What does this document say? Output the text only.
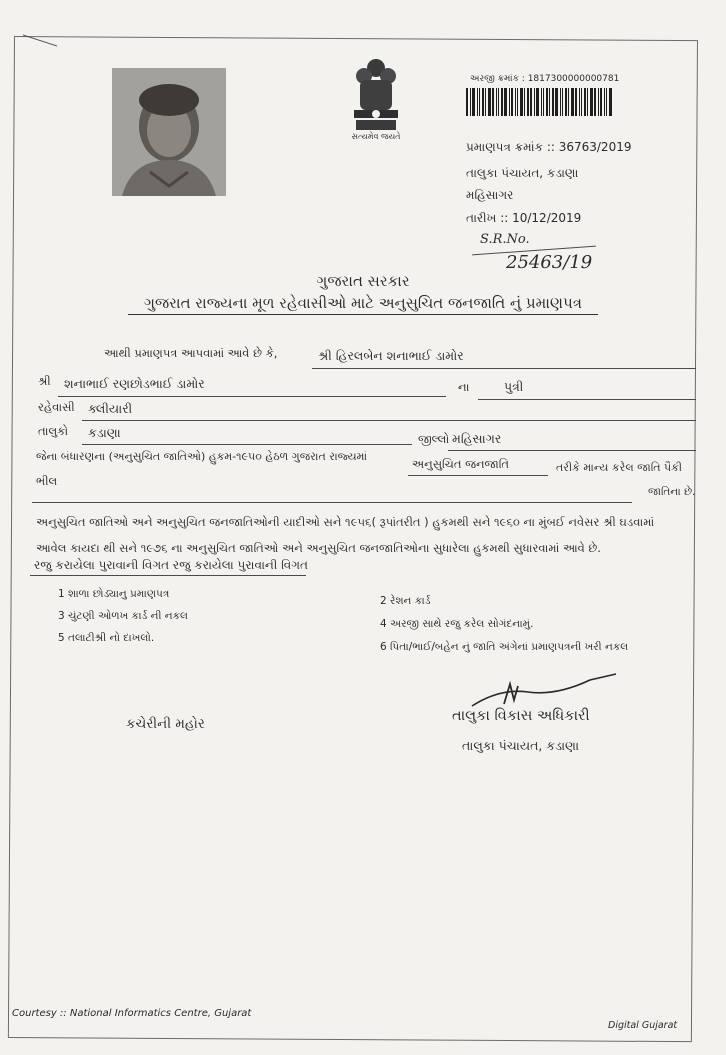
સત્યમેવ જયતે
અરજી ક્રમાંક : 1817300000000781
પ્રમાણપત્ર ક્રમાંક :: 36763/2019
તાલુકા પંચાયત, કડાણા
મહિસાગર
તારીખ :: 10/12/2019
S.R.No.
25463/19
ગુજરાત સરકાર
ગુજરાત રાજ્યના મૂળ રહેવાસીઓ માટે અનુસુચિત જનજાતિ નું પ્રમાણપત્ર
આથી પ્રમાણપત્ર આપવામાં આવે છે કે,	શ્રી હિરલબેન શનાભાઈ ડામોર
શ્રી શનાભાઈ રણછોડભાઈ ડામોર	ના	પુત્રી
રહેવાસી ક્લીયારી
તાલુકો કડાણા	જીલ્લો મહિસાગર
જેના બંધારણના (અનુસુચિત જાતિઓ) હુકમ-૧૯૫૦ હેઠળ ગુજરાત રાજ્યમાં
અનુસુચિત જનજાતિ	તરીકે માન્ય કરેલ જાતિ પૈકી
ભીલ
જાતિના છે.
અનુસુચિત જાતિઓ અને અનુસુચિત જનજાતિઓની યાદીઓ સને ૧૯૫૬( રૂપાંતરીત ) હુકમથી સને ૧૯૬૦ ના મુંબઈ નવેસર શ્રી ઘડવામાં
આવેલ કાયદા થી સને ૧૯૭૬ ના અનુસુચિત જાતિઓ અને અનુસુચિત જનજાતિઓના સુધારેલા હુકમથી સુધારવામાં આવે છે.
રજુ કરાયેલા પુરાવાની વિગત રજુ કરાયેલા પુરાવાની વિગત
1 શાળા છોડ્યાનુ પ્રમાણપત્ર
2 રેશન કાર્ડ
3 ચુંટણી ઓળખ કાર્ડ ની નકલ
4 અરજી સાથે રજુ કરેલ સોગંદનામું.
5 તલાટીશ્રી નો દાખલો.
6 પિતા/ભાઈ/બહેન નું જાતિ અંગેનાં પ્રમાણપત્રની ખરી નકલ
કચેરીની મહોર	તાલુકા વિકાસ અધિકારી
તાલુકા પંચાયત, કડાણા
Courtesy :: National Informatics Centre, Gujarat
Digital Gujarat
